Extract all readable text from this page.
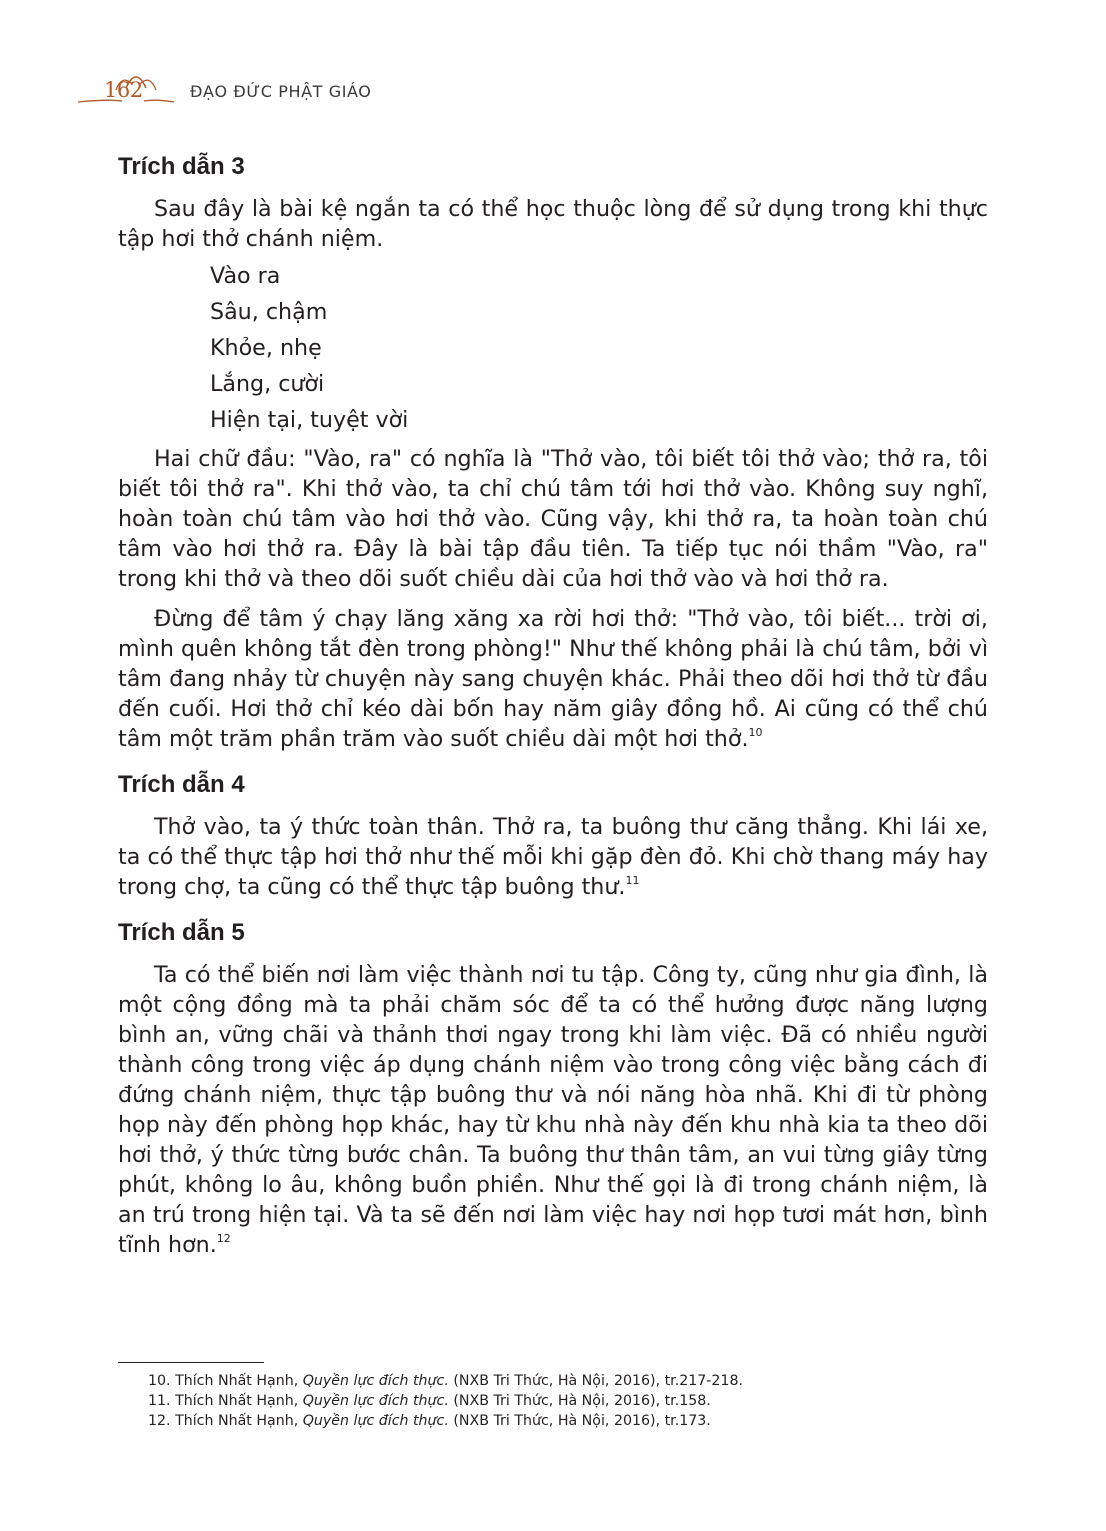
162	ĐẠO ĐỨC PHẬT GIÁO
Trích dẫn 3

Sau đây là bài kệ ngắn ta có thể học thuộc lòng để sử dụng trong khi thực tập hơi thở chánh niệm.

Vào ra
Sâu, chậm
Khỏe, nhẹ
Lắng, cười
Hiện tại, tuyệt vời

Hai chữ đầu: "Vào, ra" có nghĩa là "Thở vào, tôi biết tôi thở vào; thở ra, tôi biết tôi thở ra". Khi thở vào, ta chỉ chú tâm tới hơi thở vào. Không suy nghĩ, hoàn toàn chú tâm vào hơi thở vào. Cũng vậy, khi thở ra, ta hoàn toàn chú tâm vào hơi thở ra. Đây là bài tập đầu tiên. Ta tiếp tục nói thầm "Vào, ra" trong khi thở và theo dõi suốt chiều dài của hơi thở vào và hơi thở ra.

Đừng để tâm ý chạy lăng xăng xa rời hơi thở: "Thở vào, tôi biết... trời ơi, mình quên không tắt đèn trong phòng!" Như thế không phải là chú tâm, bởi vì tâm đang nhảy từ chuyện này sang chuyện khác. Phải theo dõi hơi thở từ đầu đến cuối. Hơi thở chỉ kéo dài bốn hay năm giây đồng hồ. Ai cũng có thể chú tâm một trăm phần trăm vào suốt chiều dài một hơi thở.$^{10}$

Trích dẫn 4

Thở vào, ta ý thức toàn thân. Thở ra, ta buông thư căng thẳng. Khi lái xe, ta có thể thực tập hơi thở như thế mỗi khi gặp đèn đỏ. Khi chờ thang máy hay trong chợ, ta cũng có thể thực tập buông thư.$^{11}$

Trích dẫn 5

Ta có thể biến nơi làm việc thành nơi tu tập. Công ty, cũng như gia đình, là một cộng đồng mà ta phải chăm sóc để ta có thể hưởng được năng lượng bình an, vững chãi và thảnh thơi ngay trong khi làm việc. Đã có nhiều người thành công trong việc áp dụng chánh niệm vào trong công việc bằng cách đi đứng chánh niệm, thực tập buông thư và nói năng hòa nhã. Khi đi từ phòng họp này đến phòng họp khác, hay từ khu nhà này đến khu nhà kia ta theo dõi hơi thở, ý thức từng bước chân. Ta buông thư thân tâm, an vui từng giây từng phút, không lo âu, không buồn phiền. Như thế gọi là đi trong chánh niệm, là an trú trong hiện tại. Và ta sẽ đến nơi làm việc hay nơi họp tươi mát hơn, bình tĩnh hơn.$^{12}$

10. Thích Nhất Hạnh, Quyền lực đích thực. (NXB Tri Thức, Hà Nội, 2016), tr.217-218.

11. Thích Nhất Hạnh, Quyền lực đích thực. (NXB Tri Thức, Hà Nội, 2016), tr.158.

12. Thích Nhất Hạnh, Quyền lực đích thực. (NXB Tri Thức, Hà Nội, 2016), tr.173.
